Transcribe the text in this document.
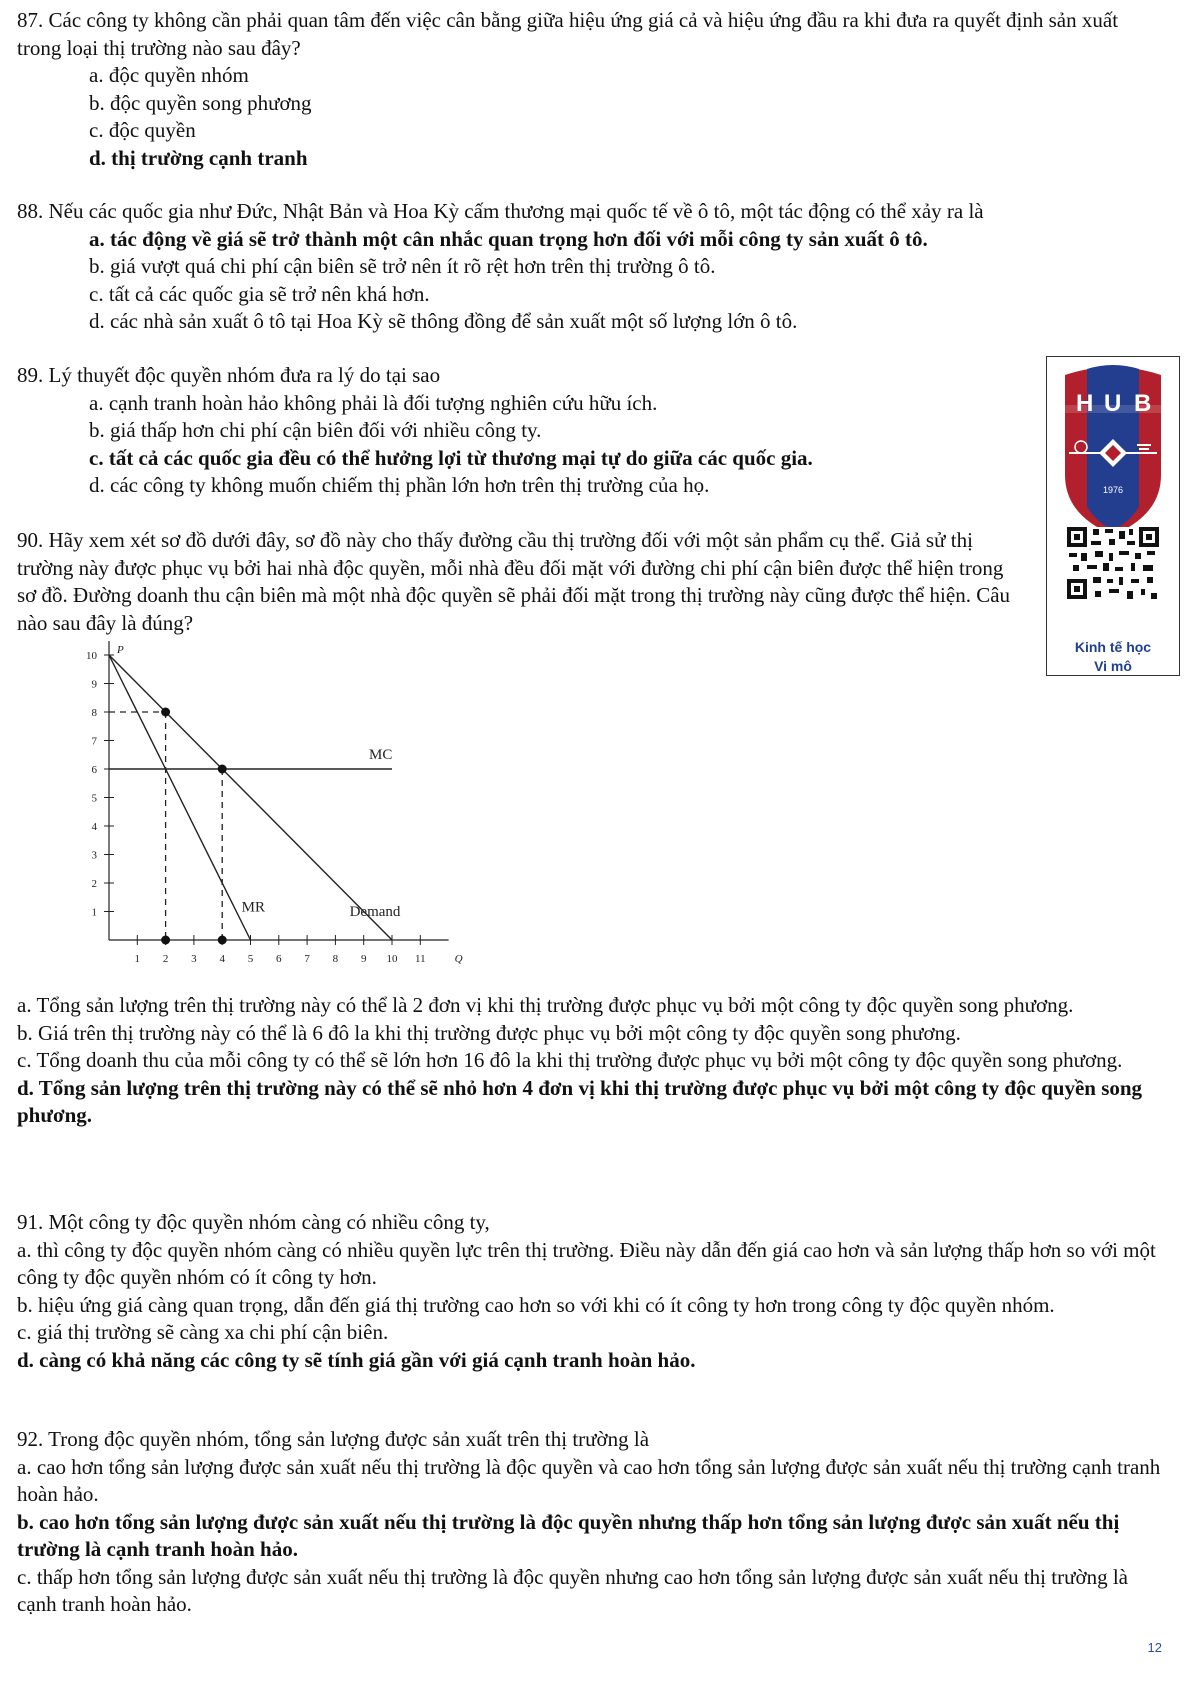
87. Các công ty không cần phải quan tâm đến việc cân bằng giữa hiệu ứng giá cả và hiệu ứng đầu ra khi đưa ra quyết định sản xuất trong loại thị trường nào sau đây?

a. độc quyền nhóm

b. độc quyền song phương

c. độc quyền

d. thị trường cạnh tranh

88. Nếu các quốc gia như Đức, Nhật Bản và Hoa Kỳ cấm thương mại quốc tế về ô tô, một tác động có thể xảy ra là

a. tác động về giá sẽ trở thành một cân nhắc quan trọng hơn đối với mỗi công ty sản xuất ô tô.

b. giá vượt quá chi phí cận biên sẽ trở nên ít rõ rệt hơn trên thị trường ô tô.

c. tất cả các quốc gia sẽ trở nên khá hơn.

d. các nhà sản xuất ô tô tại Hoa Kỳ sẽ thông đồng để sản xuất một số lượng lớn ô tô.

89. Lý thuyết độc quyền nhóm đưa ra lý do tại sao

a. cạnh tranh hoàn hảo không phải là đối tượng nghiên cứu hữu ích.

b. giá thấp hơn chi phí cận biên đối với nhiều công ty.

c. tất cả các quốc gia đều có thể hưởng lợi từ thương mại tự do giữa các quốc gia.

d. các công ty không muốn chiếm thị phần lớn hơn trên thị trường của họ.

90. Hãy xem xét sơ đồ dưới đây, sơ đồ này cho thấy đường cầu thị trường đối với một sản phẩm cụ thể. Giả sử thị trường này được phục vụ bởi hai nhà độc quyền, mỗi nhà đều đối mặt với đường chi phí cận biên được thể hiện trong sơ đồ. Đường doanh thu cận biên mà một nhà độc quyền sẽ phải đối mặt trong thị trường này cũng được thể hiện. Câu nào sau đây là đúng?

1 2 3 4 5 6 7 8 9 10 11
1
2
3
4
5
6
7
8
9
10 P
Q
Demand
MR
MC

a. Tổng sản lượng trên thị trường này có thể là 2 đơn vị khi thị trường được phục vụ bởi một công ty độc quyền song phương.

b. Giá trên thị trường này có thể là 6 đô la khi thị trường được phục vụ bởi một công ty độc quyền song phương.

c. Tổng doanh thu của mỗi công ty có thể sẽ lớn hơn 16 đô la khi thị trường được phục vụ bởi một công ty độc quyền song phương.

d. Tổng sản lượng trên thị trường này có thể sẽ nhỏ hơn 4 đơn vị khi thị trường được phục vụ bởi một công ty độc quyền song phương.

91. Một công ty độc quyền nhóm càng có nhiều công ty,

a. thì công ty độc quyền nhóm càng có nhiều quyền lực trên thị trường. Điều này dẫn đến giá cao hơn và sản lượng thấp hơn so với một công ty độc quyền nhóm có ít công ty hơn.

b. hiệu ứng giá càng quan trọng, dẫn đến giá thị trường cao hơn so với khi có ít công ty hơn trong công ty độc quyền nhóm.

c. giá thị trường sẽ càng xa chi phí cận biên.

d. càng có khả năng các công ty sẽ tính giá gần với giá cạnh tranh hoàn hảo.

92. Trong độc quyền nhóm, tổng sản lượng được sản xuất trên thị trường là

a. cao hơn tổng sản lượng được sản xuất nếu thị trường là độc quyền và cao hơn tổng sản lượng được sản xuất nếu thị trường cạnh tranh hoàn hảo.

b. cao hơn tổng sản lượng được sản xuất nếu thị trường là độc quyền nhưng thấp hơn tổng sản lượng được sản xuất nếu thị trường là cạnh tranh hoàn hảo.

c. thấp hơn tổng sản lượng được sản xuất nếu thị trường là độc quyền nhưng cao hơn tổng sản lượng được sản xuất nếu thị trường là cạnh tranh hoàn hảo.

H U B
1976
Kinh tế học
Vi mô
12
